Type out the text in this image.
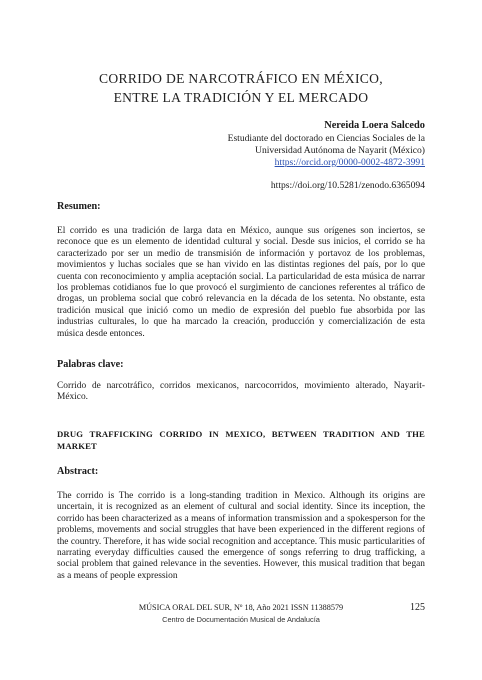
CORRIDO DE NARCOTRÁFICO EN MÉXICO,
ENTRE LA TRADICIÓN Y EL MERCADO
Nereida Loera Salcedo
Estudiante del doctorado en Ciencias Sociales de la
Universidad Autónoma de Nayarit (México)
https://orcid.org/0000-0002-4872-3991
https://doi.org/10.5281/zenodo.6365094
Resumen:
El corrido es una tradición de larga data en México, aunque sus orígenes son inciertos, se reconoce que es un elemento de identidad cultural y social. Desde sus inicios, el corrido se ha caracterizado por ser un medio de transmisión de información y portavoz de los problemas, movimientos y luchas sociales que se han vivido en las distintas regiones del país, por lo que cuenta con reconocimiento y amplia aceptación social. La particularidad de esta música de narrar los problemas cotidianos fue lo que provocó el surgimiento de canciones referentes al tráfico de drogas, un problema social que cobró relevancia en la década de los setenta. No obstante, esta tradición musical que inició como un medio de expresión del pueblo fue absorbida por las industrias culturales, lo que ha marcado la creación, producción y comercialización de esta música desde entonces.
Palabras clave:
Corrido de narcotráfico, corridos mexicanos, narcocorridos, movimiento alterado, Nayarit-México.
DRUG TRAFFICKING CORRIDO IN MEXICO, BETWEEN TRADITION AND THE MARKET
Abstract:
The corrido is The corrido is a long-standing tradition in Mexico. Although its origins are uncertain, it is recognized as an element of cultural and social identity. Since its inception, the corrido has been characterized as a means of information transmission and a spokesperson for the problems, movements and social struggles that have been experienced in the different regions of the country. Therefore, it has wide social recognition and acceptance. This music particularities of narrating everyday difficulties caused the emergence of songs referring to drug trafficking, a social problem that gained relevance in the seventies. However, this musical tradition that began as a means of people expression
MÚSICA ORAL DEL SUR, Nº 18, Año 2021 ISSN 11388579	125
Centro de Documentación Musical de Andalucía
